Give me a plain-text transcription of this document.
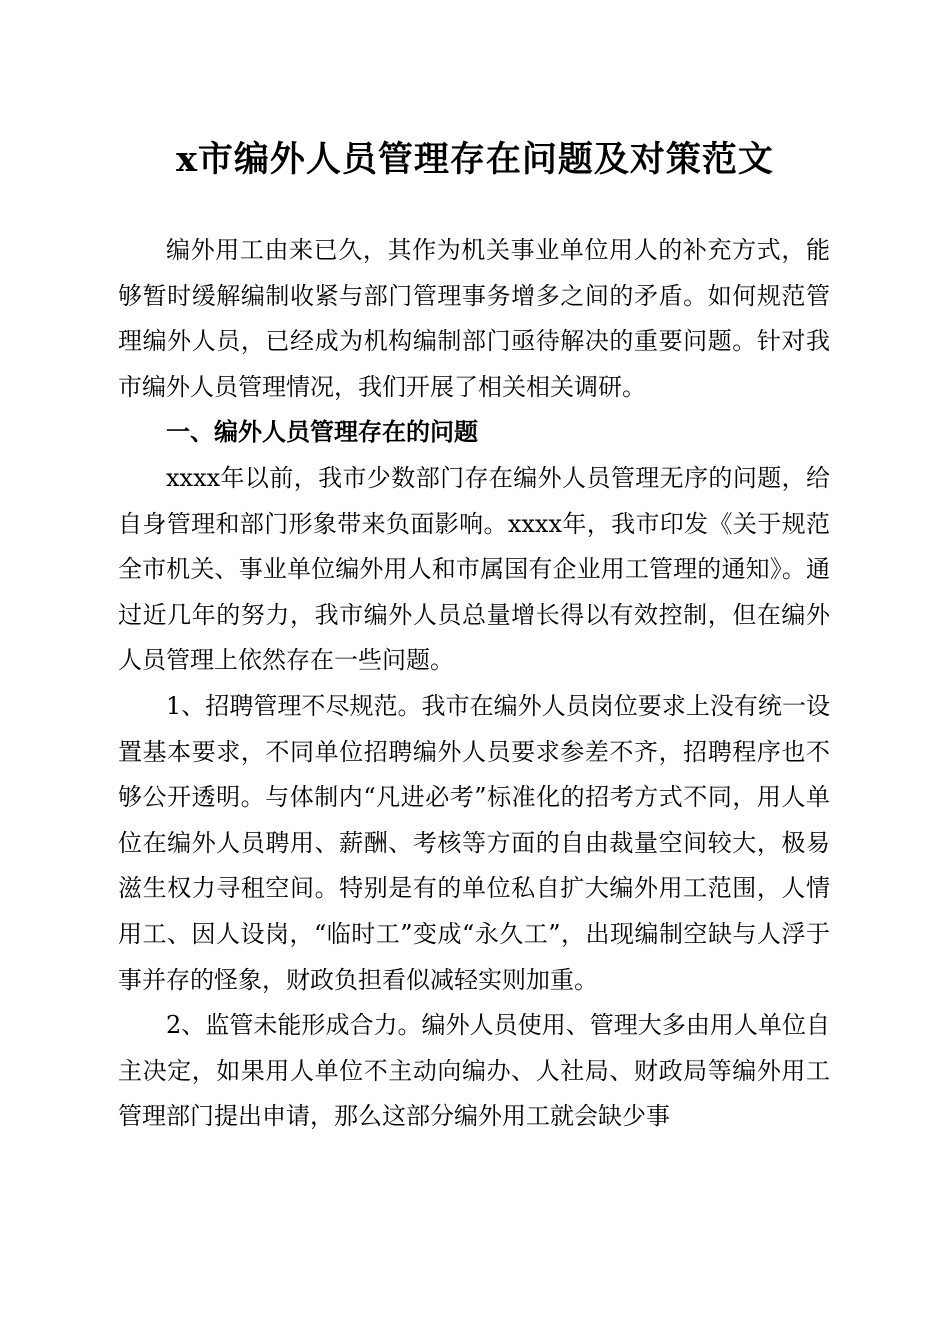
x市编外人员管理存在问题及对策范文

编外用工由来已久，其作为机关事业单位用人的补充方式，能够暂时缓解编制收紧与部门管理事务增多之间的矛盾。如何规范管理编外人员，已经成为机构编制部门亟待解决的重要问题。针对我市编外人员管理情况，我们开展了相关相关调研。

一、编外人员管理存在的问题

xxxx年以前，我市少数部门存在编外人员管理无序的问题，给自身管理和部门形象带来负面影响。xxxx年，我市印发《关于规范全市机关、事业单位编外用人和市属国有企业用工管理的通知》。通过近几年的努力，我市编外人员总量增长得以有效控制，但在编外人员管理上依然存在一些问题。

1、招聘管理不尽规范。我市在编外人员岗位要求上没有统一设置基本要求，不同单位招聘编外人员要求参差不齐，招聘程序也不够公开透明。与体制内“凡进必考”标准化的招考方式不同，用人单位在编外人员聘用、薪酬、考核等方面的自由裁量空间较大，极易滋生权力寻租空间。特别是有的单位私自扩大编外用工范围，人情用工、因人设岗，“临时工”变成“永久工”，出现编制空缺与人浮于事并存的怪象，财政负担看似减轻实则加重。

2、监管未能形成合力。编外人员使用、管理大多由用人单位自主决定，如果用人单位不主动向编办、人社局、财政局等编外用工管理部门提出申请，那么这部分编外用工就会缺少事
